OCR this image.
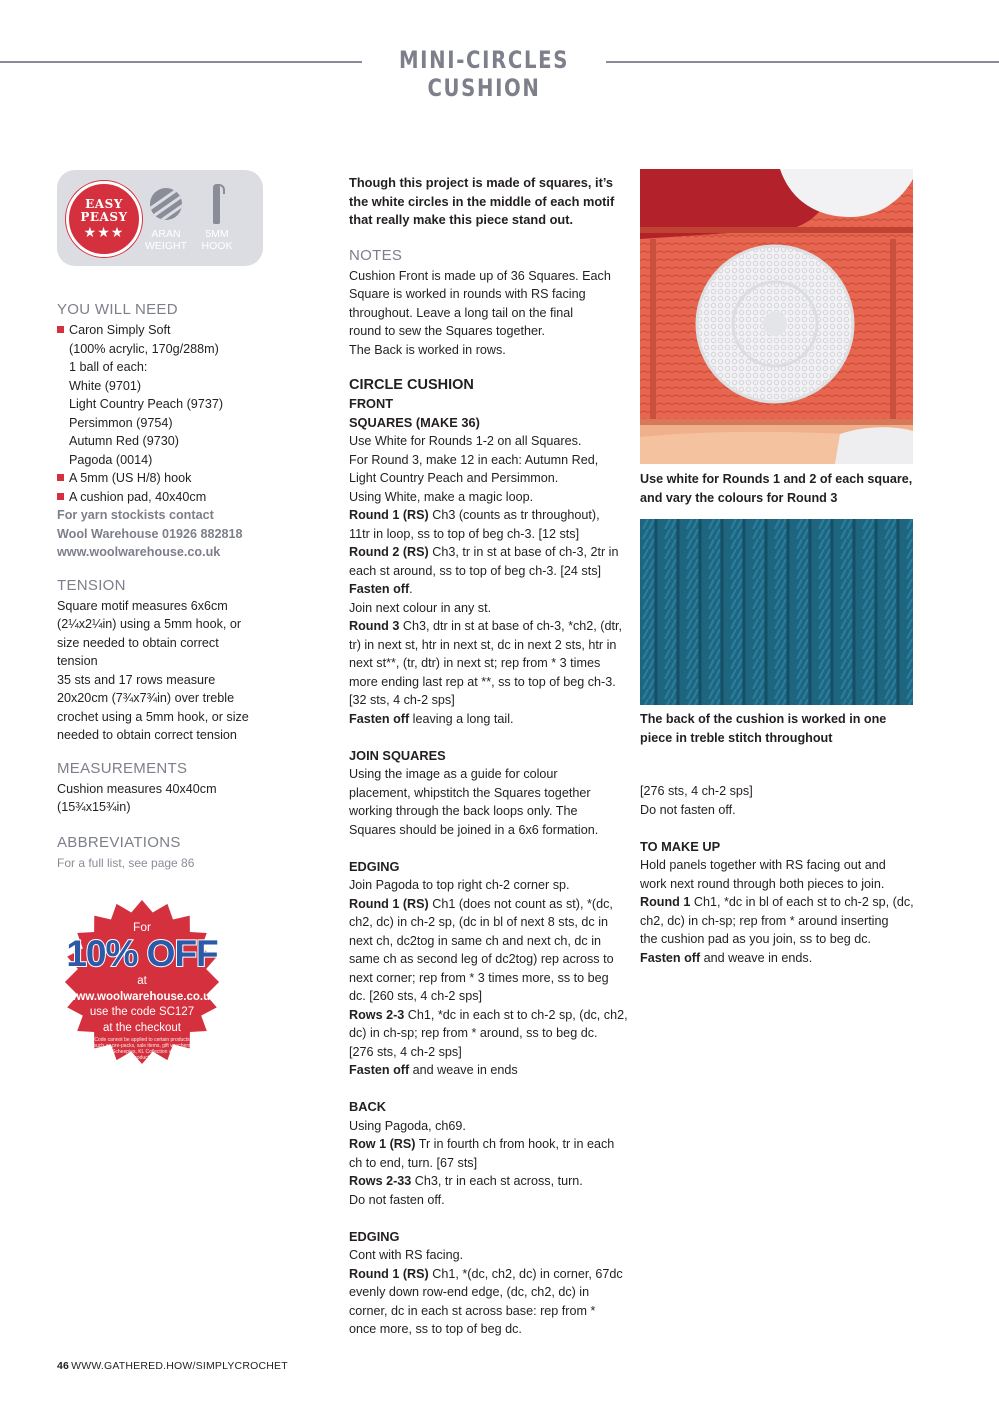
MINI-CIRCLES CUSHION
EASY
PEASY
★★★	ARAN
WEIGHT
5MM
HOOK
YOU WILL NEED

Caron Simply Soft

(100% acrylic, 170g/288m)

1 ball of each:

White (9701)

Light Country Peach (9737)

Persimmon (9754)

Autumn Red (9730)

Pagoda (0014)

A 5mm (US H/8) hook

A cushion pad, 40x40cm

For yarn stockists contact

Wool Warehouse 01926 882818

www.woolwarehouse.co.uk

TENSION

Square motif measures 6x6cm

(2¼x2¼in) using a 5mm hook, or

size needed to obtain correct

tension

35 sts and 17 rows measure

20x20cm (7¾x7¾in) over treble

crochet using a 5mm hook, or size

needed to obtain correct tension

MEASUREMENTS

Cushion measures 40x40cm

(15¾x15¾in)

ABBREVIATIONS

For a full list, see page 86

For
10% OFF
at
www.woolwarehouse.co.uk
use the code SC127
at the checkout
Code cannot be applied to certain products such as pre-packs, sale items, gift vouchers and all Scheepjes, KL Collection and Lion products

Though this project is made of squares, it’s

the white circles in the middle of each motif

that really make this piece stand out.

NOTES

Cushion Front is made up of 36 Squares. Each

Square is worked in rounds with RS facing

throughout. Leave a long tail on the final

round to sew the Squares together.

The Back is worked in rows.

CIRCLE CUSHION

FRONT

SQUARES (MAKE 36)

Use White for Rounds 1-2 on all Squares.

For Round 3, make 12 in each: Autumn Red,

Light Country Peach and Persimmon.

Using White, make a magic loop.

Round 1 (RS) Ch3 (counts as tr throughout),

11tr in loop, ss to top of beg ch-3. [12 sts]

Round 2 (RS) Ch3, tr in st at base of ch-3, 2tr in

each st around, ss to top of beg ch-3. [24 sts]

Fasten off.

Join next colour in any st.

Round 3 Ch3, dtr in st at base of ch-3, *ch2, (dtr,

tr) in next st, htr in next st, dc in next 2 sts, htr in

next st**, (tr, dtr) in next st; rep from * 3 times

more ending last rep at **, ss to top of beg ch-3.

[32 sts, 4 ch-2 sps]

Fasten off leaving a long tail.

JOIN SQUARES

Using the image as a guide for colour

placement, whipstitch the Squares together

working through the back loops only. The

Squares should be joined in a 6x6 formation.

EDGING

Join Pagoda to top right ch-2 corner sp.

Round 1 (RS) Ch1 (does not count as st), *(dc,

ch2, dc) in ch-2 sp, (dc in bl of next 8 sts, dc in

next ch, dc2tog in same ch and next ch, dc in

same ch as second leg of dc2tog) rep across to

next corner; rep from * 3 times more, ss to beg

dc. [260 sts, 4 ch-2 sps]

Rows 2-3 Ch1, *dc in each st to ch-2 sp, (dc, ch2,

dc) in ch-sp; rep from * around, ss to beg dc.

[276 sts, 4 ch-2 sps]

Fasten off and weave in ends

BACK

Using Pagoda, ch69.

Row 1 (RS) Tr in fourth ch from hook, tr in each

ch to end, turn. [67 sts]

Rows 2-33 Ch3, tr in each st across, turn.

Do not fasten off.

EDGING

Cont with RS facing.

Round 1 (RS) Ch1, *(dc, ch2, dc) in corner, 67dc

evenly down row-end edge, (dc, ch2, dc) in

corner, dc in each st across base: rep from *

once more, ss to top of beg dc.

Use white for Rounds 1 and 2 of each square,

and vary the colours for Round 3

The back of the cushion is worked in one

piece in treble stitch throughout

[276 sts, 4 ch-2 sps]

Do not fasten off.

TO MAKE UP

Hold panels together with RS facing out and

work next round through both pieces to join.

Round 1 Ch1, *dc in bl of each st to ch-2 sp, (dc,

ch2, dc) in ch-sp; rep from * around inserting

the cushion pad as you join, ss to beg dc.

Fasten off and weave in ends.

46 WWW.GATHERED.HOW/SIMPLYCROCHET
